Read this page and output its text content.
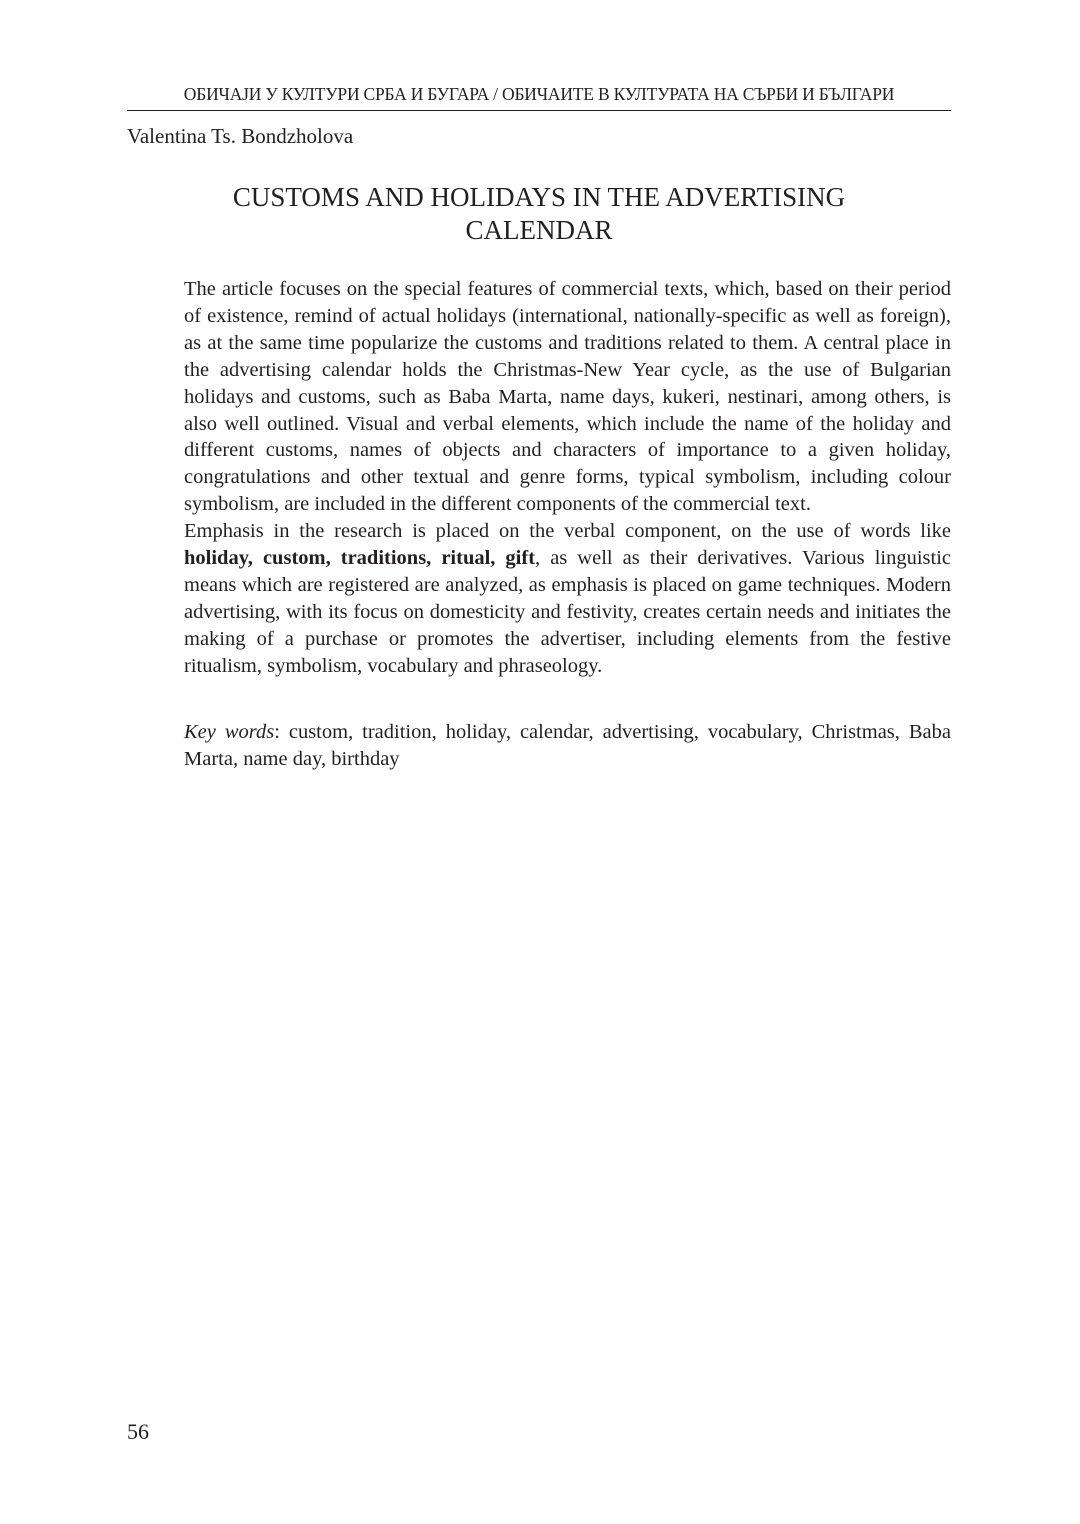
ОБИЧАЈИ У КУЛТУРИ СРБА И БУГАРА / ОБИЧАИТЕ В КУЛТУРАТА НА СЪРБИ И БЪЛГАРИ
Valentina Ts. Bondzholova
CUSTOMS AND HOLIDAYS IN THE ADVERTISING
CALENDAR

The article focuses on the special features of commercial texts, which, based on their period of existence, remind of actual holidays (international, nationally-specific as well as foreign), as at the same time popularize the customs and traditions related to them. A central place in the advertising calendar holds the Christmas-New Year cycle, as the use of Bulgarian holidays and customs, such as Baba Marta, name days, kukeri, nestinari, among others, is also well outlined. Visual and verbal elements, which include the name of the holiday and different customs, names of objects and characters of importance to a given holiday, congratulations and other textual and genre forms, typical symbolism, including colour symbolism, are included in the different components of the commercial text.

Emphasis in the research is placed on the verbal component, on the use of words like holiday, custom, traditions, ritual, gift, as well as their derivatives. Various linguistic means which are registered are analyzed, as emphasis is placed on game techniques. Modern advertising, with its focus on domesticity and festivity, creates certain needs and initiates the making of a purchase or promotes the advertiser, including elements from the festive ritualism, symbolism, vocabulary and phraseology.

Key words: custom, tradition, holiday, calendar, advertising, vocabulary, Christmas, Baba Marta, name day, birthday

56
